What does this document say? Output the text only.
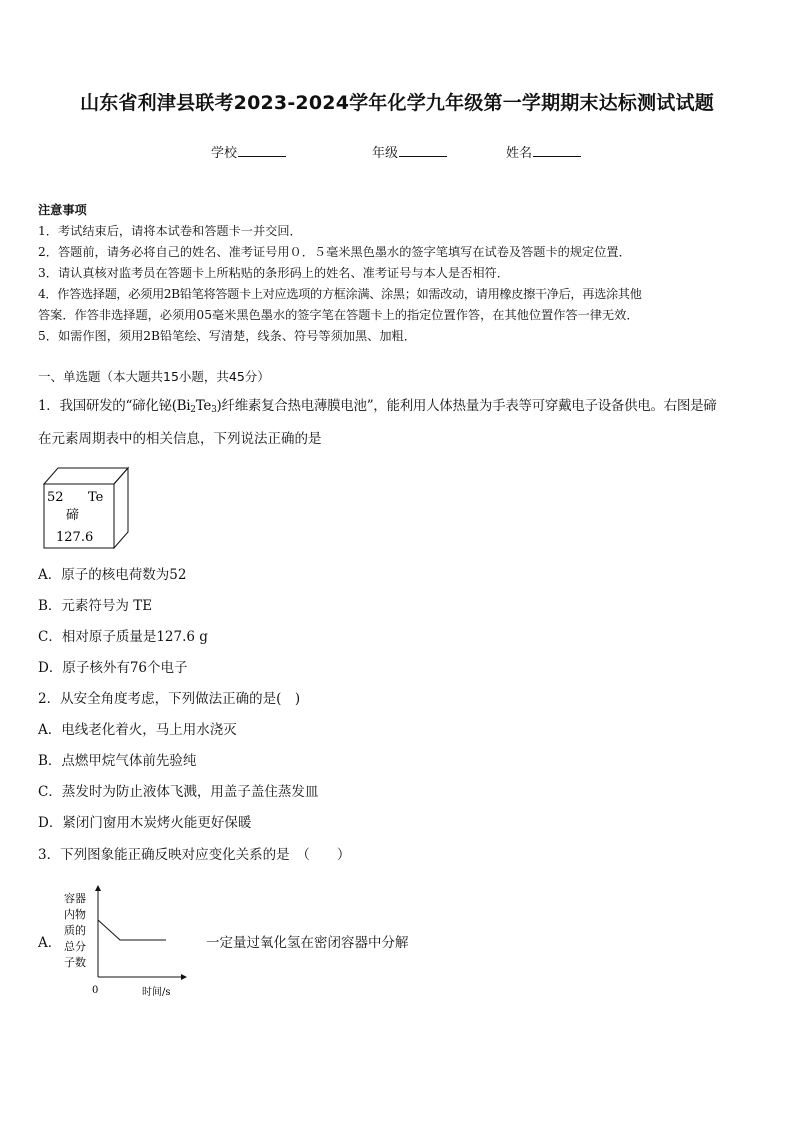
山东省利津县联考2023-2024学年化学九年级第一学期期末达标测试试题
学校	年级	姓名
注意事项
1．考试结束后，请将本试卷和答题卡一并交回．
2．答题前，请务必将自己的姓名、准考证号用０．５毫米黑色墨水的签字笔填写在试卷及答题卡的规定位置．
3．请认真核对监考员在答题卡上所粘贴的条形码上的姓名、准考证号与本人是否相符．
4．作答选择题，必须用2B铅笔将答题卡上对应选项的方框涂满、涂黑；如需改动，请用橡皮擦干净后，再选涂其他
答案．作答非选择题，必须用05毫米黑色墨水的签字笔在答题卡上的指定位置作答，在其他位置作答一律无效．
5．如需作图，须用2B铅笔绘、写清楚，线条、符号等须加黑、加粗．
一、单选题（本大题共15小题，共45分）
1．我国研发的“碲化铋$(Bi_2Te_3)$纤维素复合热电薄膜电池”，能利用人体热量为手表等可穿戴电子设备供电。右图是碲
在元素周期表中的相关信息，下列说法正确的是
52 Te
碲
127.6
A．原子的核电荷数为52
B．元素符号为 TE
C．相对原子质量是127.6 g
D．原子核外有76个电子
2．从安全角度考虑，下列做法正确的是(　)
A．电线老化着火，马上用水浇灭
B．点燃甲烷气体前先验纯
C．蒸发时为防止液体飞溅，用盖子盖住蒸发皿
D．紧闭门窗用木炭烤火能更好保暖
3．下列图象能正确反映对应变化关系的是　（　　）
A．
容器
内物
质的
总分
子数
0	时间/s
一定量过氧化氢在密闭容器中分解
